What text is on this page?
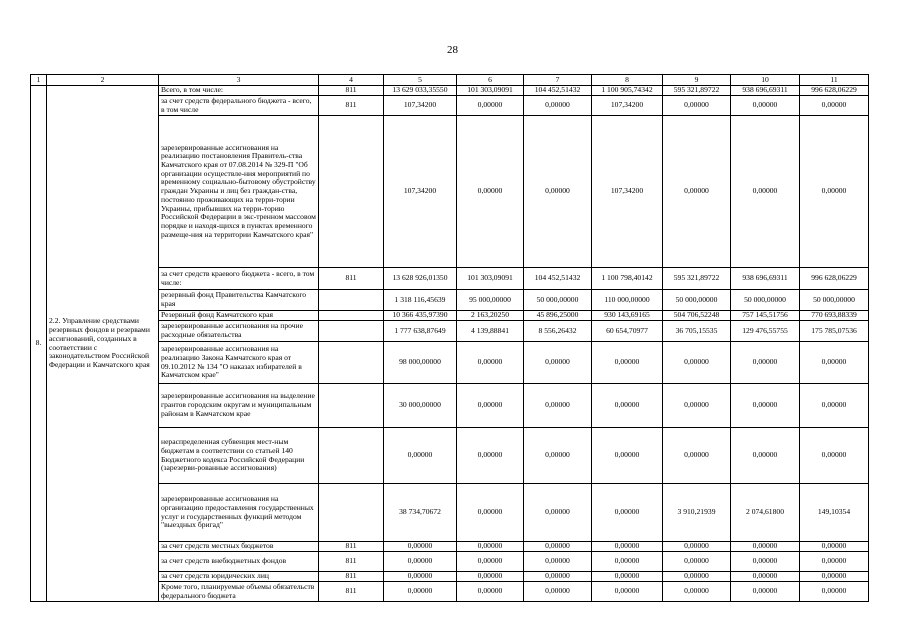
28
1	2	3	4	5	6	7	8	9	10	11
8.	2.2. Управление средствами резервных фондов и резервами ассигнований, созданных в соответствии с законодательством Российской Федерации и Камчатского края	Всего, в том числе:	811	13 629 033,35550	101 303,09091	104 452,51432	1 100 905,74342	595 321,89722	938 696,69311	996 628,06229
		за счет средств федерального бюджета - всего, в том числе	811	107,34200	0,00000	0,00000	107,34200	0,00000	0,00000	0,00000
		зарезервированные ассигнования на реализацию постановления Правитель-ства Камчатского края от 07.08.2014 № 329-П "Об организации осуществле-ния мероприятий по временному социально-бытовому обустройству граждан Украины и лиц без граждан-ства, постоянно проживающих на терри-тории Украины, прибывших на терри-торию Российской Федерации в экс-тренном массовом порядке и находя-щихся в пунктах временного размеще-ния на территории Камчатского края"		107,34200	0,00000	0,00000	107,34200	0,00000	0,00000	0,00000
		за счет средств краевого бюджета - всего, в том числе:	811	13 628 926,01350	101 303,09091	104 452,51432	1 100 798,40142	595 321,89722	938 696,69311	996 628,06229
		резервный фонд Правительства Камчатского края		1 318 116,45639	95 000,00000	50 000,00000	110 000,00000	50 000,00000	50 000,00000	50 000,00000
		Резервный фонд Камчатского края		10 366 435,97390	2 163,20250	45 896,25000	930 143,69165	504 706,52248	757 145,51756	770 693,88339
		зарезервированные ассигнования на прочие расходные обязательства		1 777 638,87649	4 139,88841	8 556,26432	60 654,70977	36 705,15535	129 476,55755	175 785,07536
		зарезервированные ассигнования на реализацию Закона Камчатского края от 09.10.2012 № 134 "О наказах избирателей в Камчатском крае"		98 000,00000	0,00000	0,00000	0,00000	0,00000	0,00000	0,00000
		зарезервированные ассигнования на выделение грантов городским округам и муниципальным районам в Камчатском крае		30 000,00000	0,00000	0,00000	0,00000	0,00000	0,00000	0,00000
		нераспределенная субвенция мест-ным бюджетам в соответствии со статьей 140 Бюджетного кодекса Российской Федерации (зарезерви-рованные ассигнования)		0,00000	0,00000	0,00000	0,00000	0,00000	0,00000	0,00000
		зарезервированные ассигнования на организацию предоставления государственных услуг и государственных функций методом "выездных бригад"		38 734,70672	0,00000	0,00000	0,00000	3 910,21939	2 074,61800	149,10354
		за счет средств местных бюджетов	811	0,00000	0,00000	0,00000	0,00000	0,00000	0,00000	0,00000
		за счет средств внебюджетных фондов	811	0,00000	0,00000	0,00000	0,00000	0,00000	0,00000	0,00000
		за счет средств юридических лиц	811	0,00000	0,00000	0,00000	0,00000	0,00000	0,00000	0,00000
		Кроме того, планируемые объемы обязательств федерального бюджета	811	0,00000	0,00000	0,00000	0,00000	0,00000	0,00000	0,00000
